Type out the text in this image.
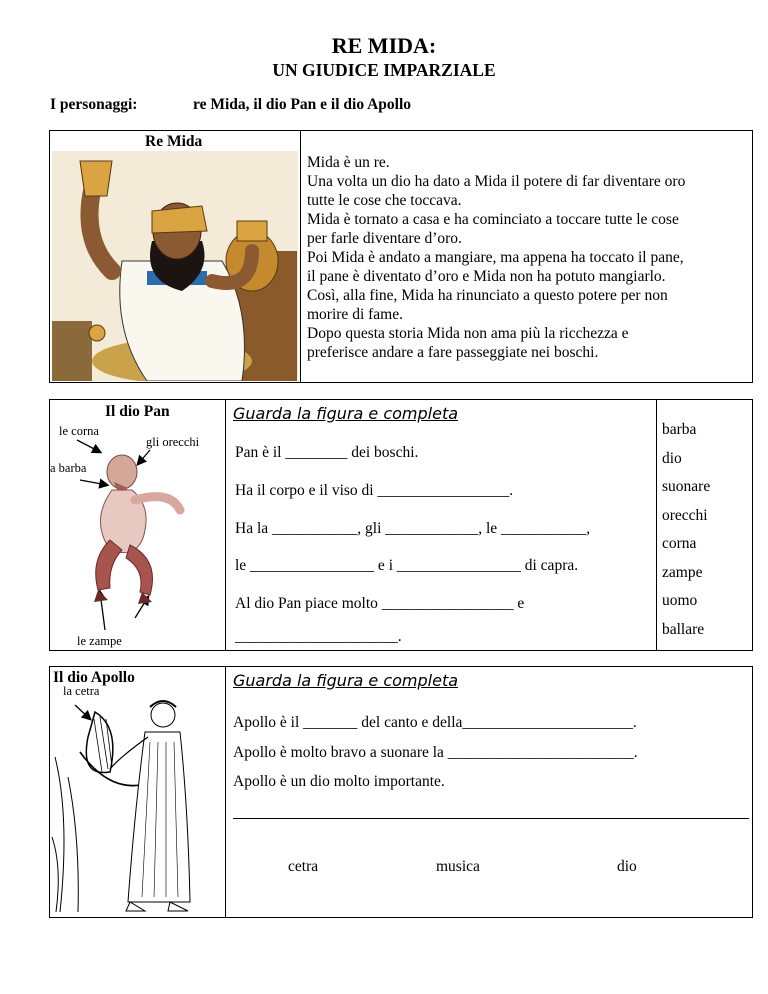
RE MIDA:
UN GIUDICE IMPARZIALE
I personaggi:	re Mida, il dio Pan e il dio Apollo
Re Mida
Mida è un re.
Una volta un dio ha dato a Mida il potere di far diventare oro
tutte le cose che toccava.
Mida è tornato a casa e ha cominciato a toccare tutte le cose
per farle diventare d’oro.
Poi Mida è andato a mangiare, ma appena ha toccato il pane,
il pane è diventato d’oro e Mida non ha potuto mangiarlo.
Così, alla fine, Mida ha rinunciato a questo potere per non
morire di fame.
Dopo questa storia Mida non ama più la ricchezza e
preferisce andare a fare passeggiate nei boschi.
Il dio Pan
le corna
gli orecchi
a barba
le zampe
Guarda la figura e completa
Pan è il ________ dei boschi.
Ha il corpo e il viso di _________________.
Ha la ___________, gli ____________, le ___________,
le ________________ e i ________________ di capra.
Al dio Pan piace molto _________________ e
_____________________.
barba
dio
suonare
orecchi
corna
zampe
uomo
ballare
Il dio Apollo
la cetra
Guarda la figura e completa
Apollo è il _______ del canto e della______________________.
Apollo è molto bravo a suonare la ________________________.
Apollo è un dio molto importante.
cetra	musica	dio
